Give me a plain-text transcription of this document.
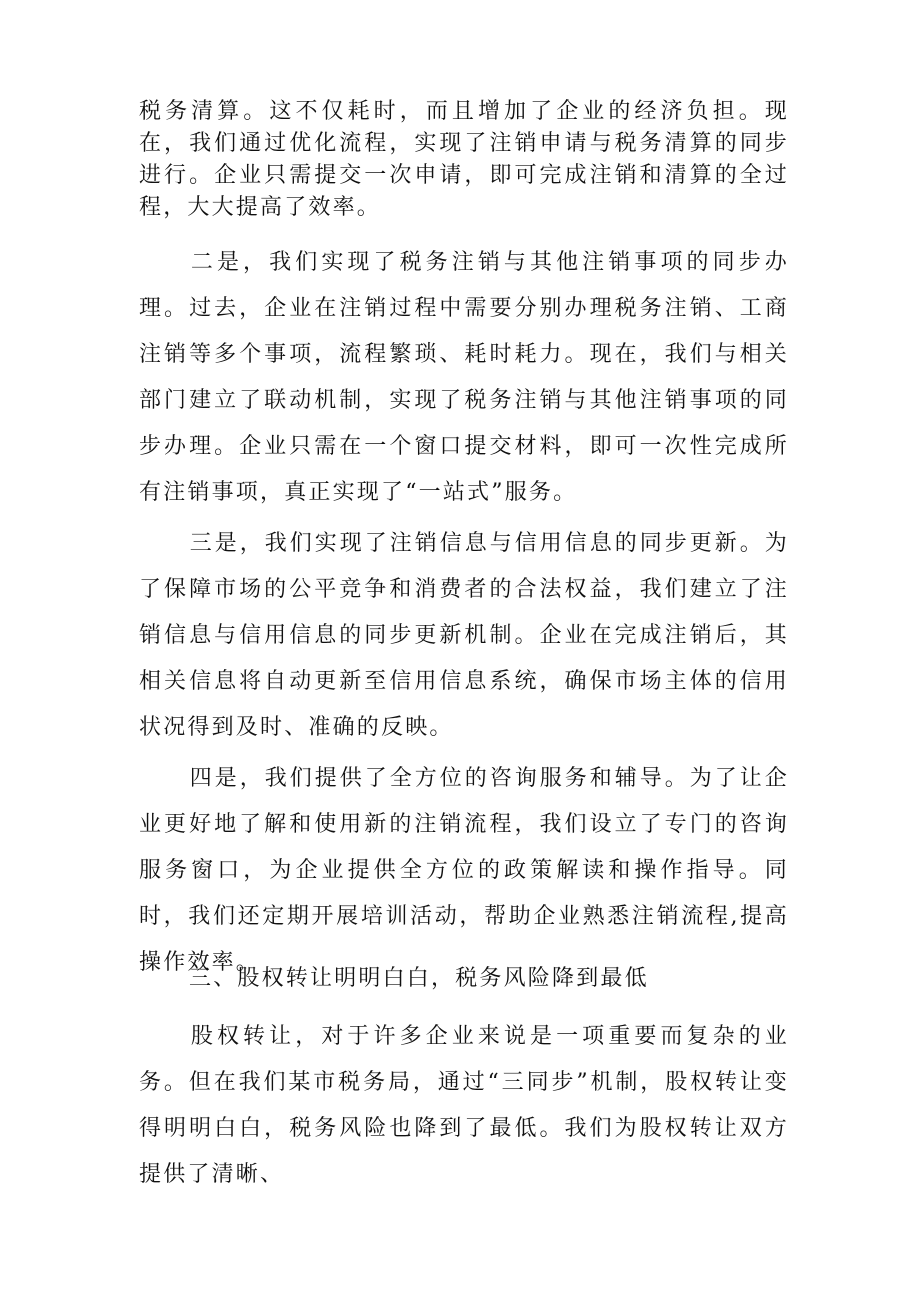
税务清算。这不仅耗时，而且增加了企业的经济负担。现在，我们通过优化流程，实现了注销申请与税务清算的同步进行。企业只需提交一次申请，即可完成注销和清算的全过程，大大提高了效率。

二是，我们实现了税务注销与其他注销事项的同步办理。过去，企业在注销过程中需要分别办理税务注销、工商注销等多个事项，流程繁琐、耗时耗力。现在，我们与相关部门建立了联动机制，实现了税务注销与其他注销事项的同步办理。企业只需在一个窗口提交材料，即可一次性完成所有注销事项，真正实现了“一站式”服务。

三是，我们实现了注销信息与信用信息的同步更新。为了保障市场的公平竞争和消费者的合法权益，我们建立了注销信息与信用信息的同步更新机制。企业在完成注销后，其相关信息将自动更新至信用信息系统，确保市场主体的信用状况得到及时、准确的反映。

四是，我们提供了全方位的咨询服务和辅导。为了让企业更好地了解和使用新的注销流程，我们设立了专门的咨询服务窗口，为企业提供全方位的政策解读和操作指导。同时，我们还定期开展培训活动，帮助企业熟悉注销流程,提高操作效率。

三、股权转让明明白白，税务风险降到最低

股权转让，对于许多企业来说是一项重要而复杂的业务。但在我们某市税务局，通过“三同步”机制，股权转让变得明明白白，税务风险也降到了最低。我们为股权转让双方提供了清晰、
